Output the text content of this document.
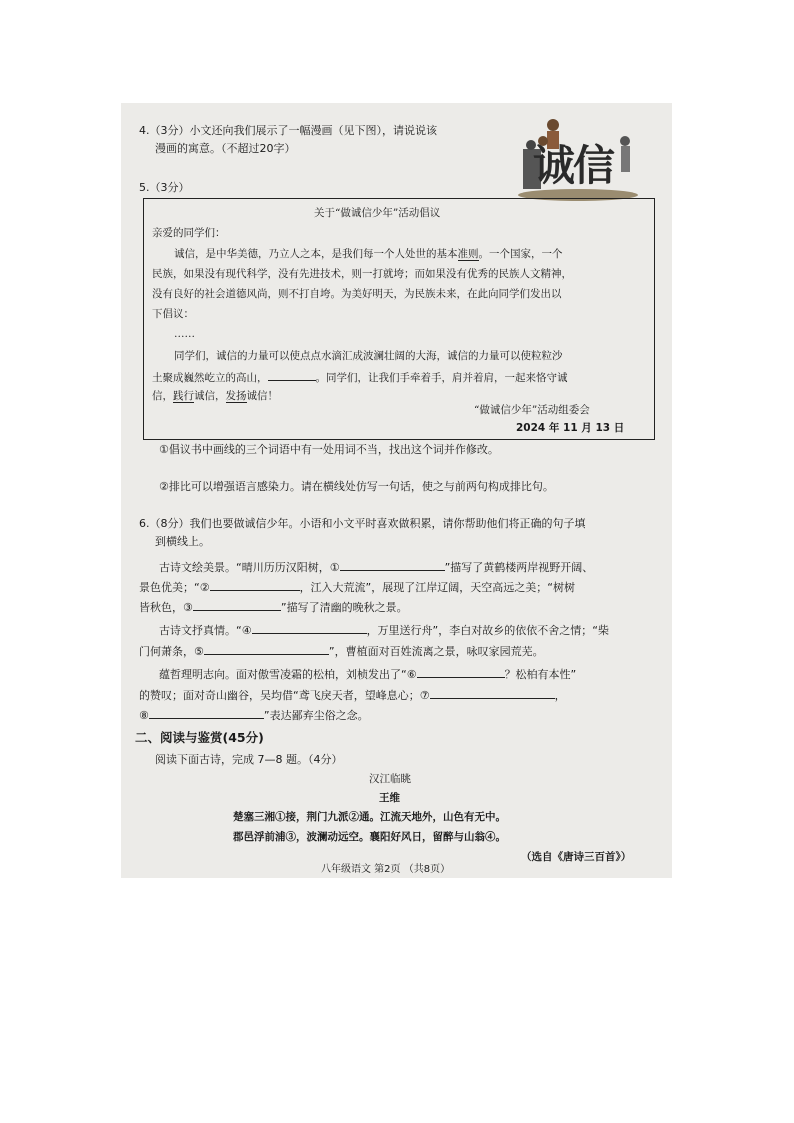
4.（3分）小文还向我们展示了一幅漫画（见下图），请说说该
漫画的寓意。（不超过20字）	诚信
5.（3分）
关于“做诚信少年”活动倡议
亲爱的同学们：
诚信，是中华美德，乃立人之本，是我们每一个人处世的基本准则。一个国家，一个
民族，如果没有现代科学，没有先进技术，则一打就垮；而如果没有优秀的民族人文精神，
没有良好的社会道德风尚，则不打自垮。为美好明天，为民族未来，在此向同学们发出以
下倡议：
……
同学们，诚信的力量可以使点点水滴汇成波澜壮阔的大海，诚信的力量可以使粒粒沙
土聚成巍然屹立的高山，	。同学们，让我们手牵着手，肩并着肩，一起来恪守诚
信，践行诚信，发扬诚信！
“做诚信少年”活动组委会
2024 年 11 月 13 日
①倡议书中画线的三个词语中有一处用词不当，找出这个词并作修改。
②排比可以增强语言感染力。请在横线处仿写一句话，使之与前两句构成排比句。
6.（8分）我们也要做诚信少年。小语和小文平时喜欢做积累，请你帮助他们将正确的句子填
到横线上。
古诗文绘美景。“晴川历历汉阳树，①	”描写了黄鹤楼两岸视野开阔、
景色优美；“②	，江入大荒流”，展现了江岸辽阔，天空高远之美；“树树
皆秋色，③	”描写了清幽的晚秋之景。
古诗文抒真情。“④	，万里送行舟”，李白对故乡的依依不舍之情；“柴
门何萧条，⑤	”，曹植面对百姓流离之景，咏叹家园荒芜。
蕴哲理明志向。面对傲雪凌霜的松柏，刘桢发出了“⑥	？松柏有本性”
的赞叹；面对奇山幽谷，吴均借“鸢飞戾天者，望峰息心；⑦	，
⑧	”表达鄙弃尘俗之念。
二、阅读与鉴赏(45分)
阅读下面古诗，完成 7—8 题。（4分）
汉江临眺
王维
楚塞三湘①接，荆门九派②通。江流天地外，山色有无中。
郡邑浮前浦③，波澜动远空。襄阳好风日，留醉与山翁④。
（选自《唐诗三百首》）
八年级语文 第2页 （共8页）
